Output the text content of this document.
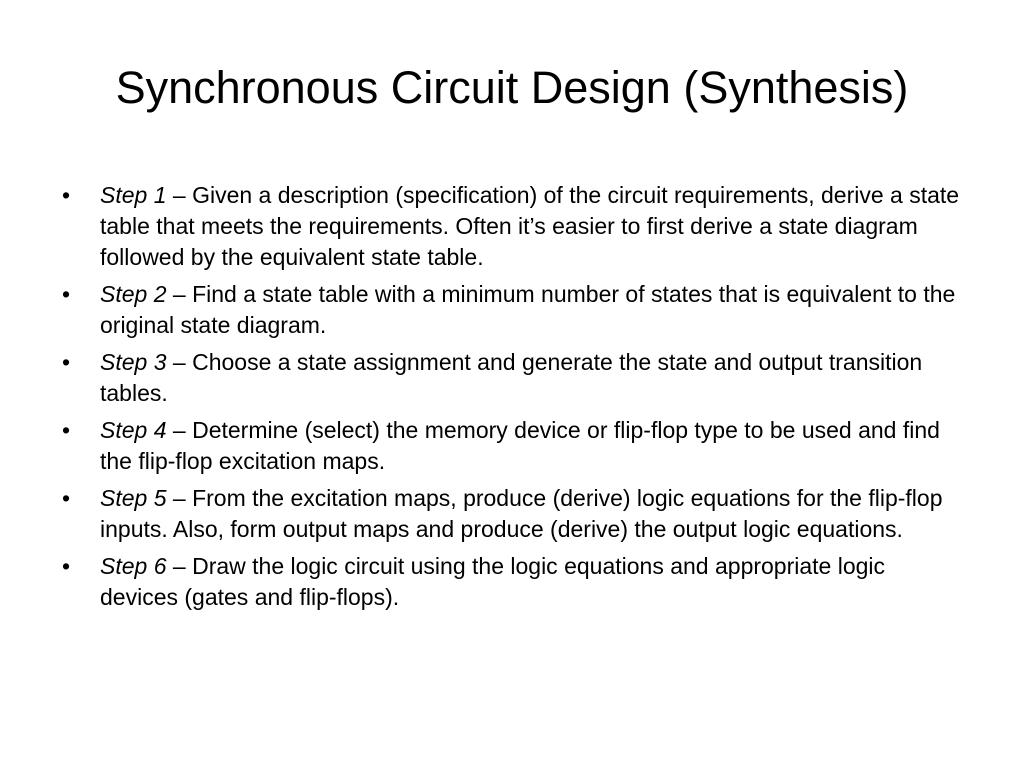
Synchronous Circuit Design (Synthesis)
•	Step 1 – Given a description (specification) of the circuit requirements, derive a state table that meets the requirements. Often it’s easier to first derive a state diagram followed by the equivalent state table.
•	Step 2 – Find a state table with a minimum number of states that is equivalent to the original state diagram.
•	Step 3 – Choose a state assignment and generate the state and output transition tables.
•	Step 4 – Determine (select) the memory device or flip-flop type to be used and find the flip-flop excitation maps.
•	Step 5 – From the excitation maps, produce (derive) logic equations for the flip-flop inputs. Also, form output maps and produce (derive) the output logic equations.
•	Step 6 – Draw the logic circuit using the logic equations and appropriate logic devices (gates and flip-flops).
